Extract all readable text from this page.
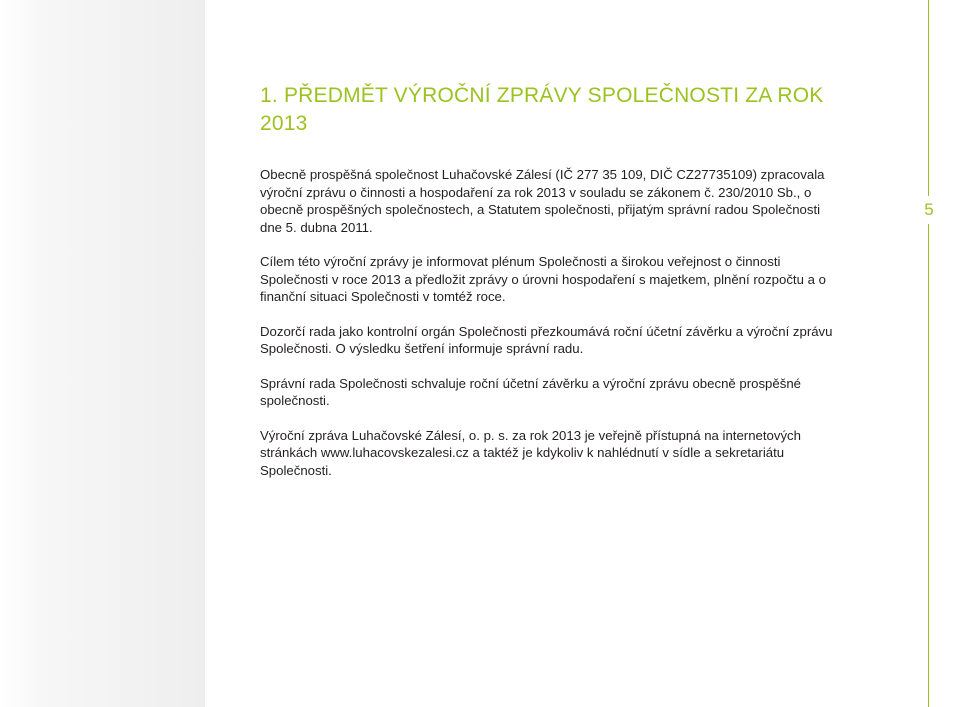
1. PŘEDMĚT VÝROČNÍ ZPRÁVY SPOLEČNOSTI ZA ROK 2013

Obecně prospěšná společnost Luhačovské Zálesí (IČ 277 35 109, DIČ CZ27735109) zpracovala výroční zprávu o činnosti a hospodaření za rok 2013 v souladu se zákonem č. 230/2010 Sb., o obecně prospěšných společnostech, a Statutem společnosti, přijatým správní radou Společnosti dne 5. dubna 2011.

Cílem této výroční zprávy je informovat plénum Společnosti a širokou veřejnost o činnosti Společnosti v roce 2013 a předložit zprávy o úrovni hospodaření s majetkem, plnění rozpočtu a o finanční situaci Společnosti v tomtéž roce.

Dozorčí rada jako kontrolní orgán Společnosti přezkoumává roční účetní závěrku a výroční zprávu Společnosti. O výsledku šetření informuje správní radu.

Správní rada Společnosti schvaluje roční účetní závěrku a výroční zprávu obecně prospěšné společnosti.

Výroční zpráva Luhačovské Zálesí, o. p. s. za rok 2013 je veřejně přístupná na internetových stránkách www.luhacovskezalesi.cz a taktéž je kdykoliv k nahlédnutí v sídle a sekretariátu Společnosti.

5
